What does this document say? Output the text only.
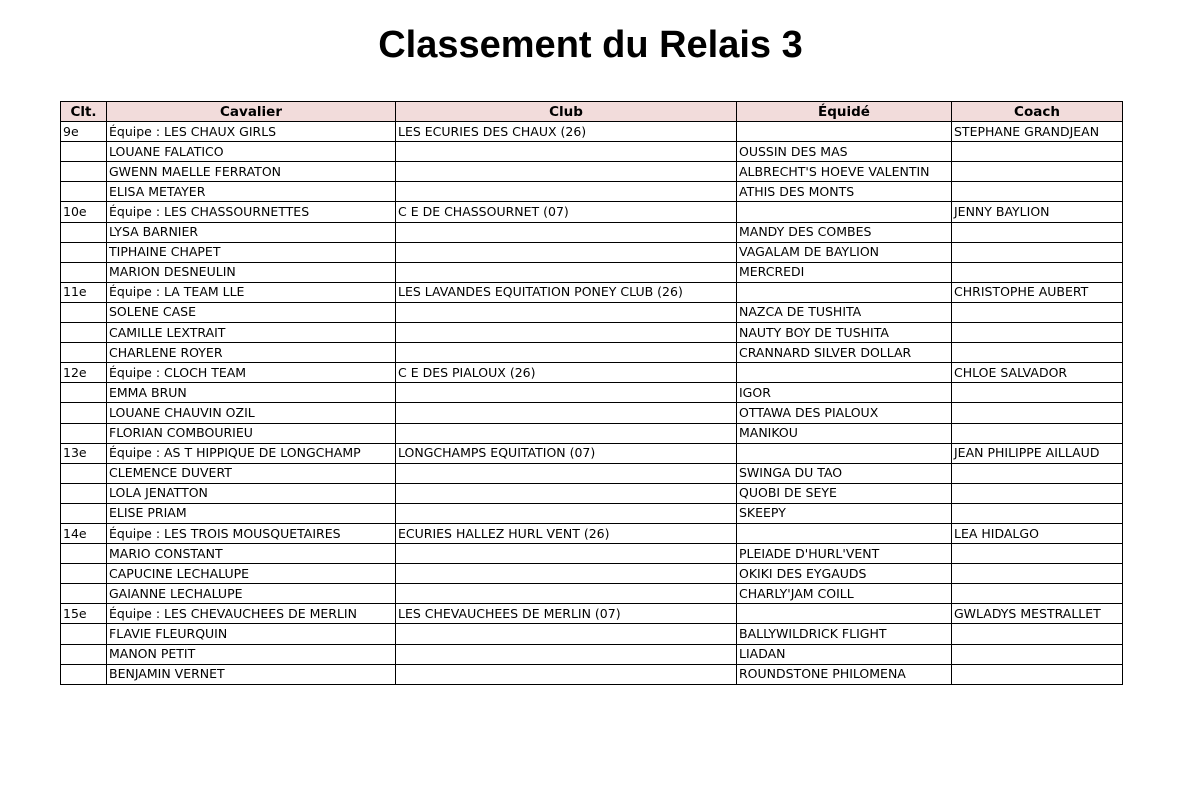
Classement du Relais 3
Clt.	Cavalier	Club	Équidé	Coach
9e	Équipe : LES CHAUX GIRLS	LES ECURIES DES CHAUX (26)		STEPHANE GRANDJEAN
	LOUANE FALATICO		OUSSIN DES MAS	
	GWENN MAELLE FERRATON		ALBRECHT'S HOEVE VALENTIN	
	ELISA METAYER		ATHIS DES MONTS	
10e	Équipe : LES CHASSOURNETTES	C E DE CHASSOURNET (07)		JENNY BAYLION
	LYSA BARNIER		MANDY DES COMBES	
	TIPHAINE CHAPET		VAGALAM DE BAYLION	
	MARION DESNEULIN		MERCREDI	
11e	Équipe : LA TEAM LLE	LES LAVANDES EQUITATION PONEY CLUB (26)		CHRISTOPHE AUBERT
	SOLENE CASE		NAZCA DE TUSHITA	
	CAMILLE LEXTRAIT		NAUTY BOY DE TUSHITA	
	CHARLENE ROYER		CRANNARD SILVER DOLLAR	
12e	Équipe : CLOCH TEAM	C E DES PIALOUX (26)		CHLOE SALVADOR
	EMMA BRUN		IGOR	
	LOUANE CHAUVIN OZIL		OTTAWA DES PIALOUX	
	FLORIAN COMBOURIEU		MANIKOU	
13e	Équipe : AS T HIPPIQUE DE LONGCHAMP	LONGCHAMPS EQUITATION (07)		JEAN PHILIPPE AILLAUD
	CLEMENCE DUVERT		SWINGA DU TAO	
	LOLA JENATTON		QUOBI DE SEYE	
	ELISE PRIAM		SKEEPY	
14e	Équipe : LES TROIS MOUSQUETAIRES	ECURIES HALLEZ HURL VENT (26)		LEA HIDALGO
	MARIO CONSTANT		PLEIADE D'HURL'VENT	
	CAPUCINE LECHALUPE		OKIKI DES EYGAUDS	
	GAIANNE LECHALUPE		CHARLY'JAM COILL	
15e	Équipe : LES CHEVAUCHEES DE MERLIN	LES CHEVAUCHEES DE MERLIN (07)		GWLADYS MESTRALLET
	FLAVIE FLEURQUIN		BALLYWILDRICK FLIGHT	
	MANON PETIT		LIADAN	
	BENJAMIN VERNET		ROUNDSTONE PHILOMENA	
